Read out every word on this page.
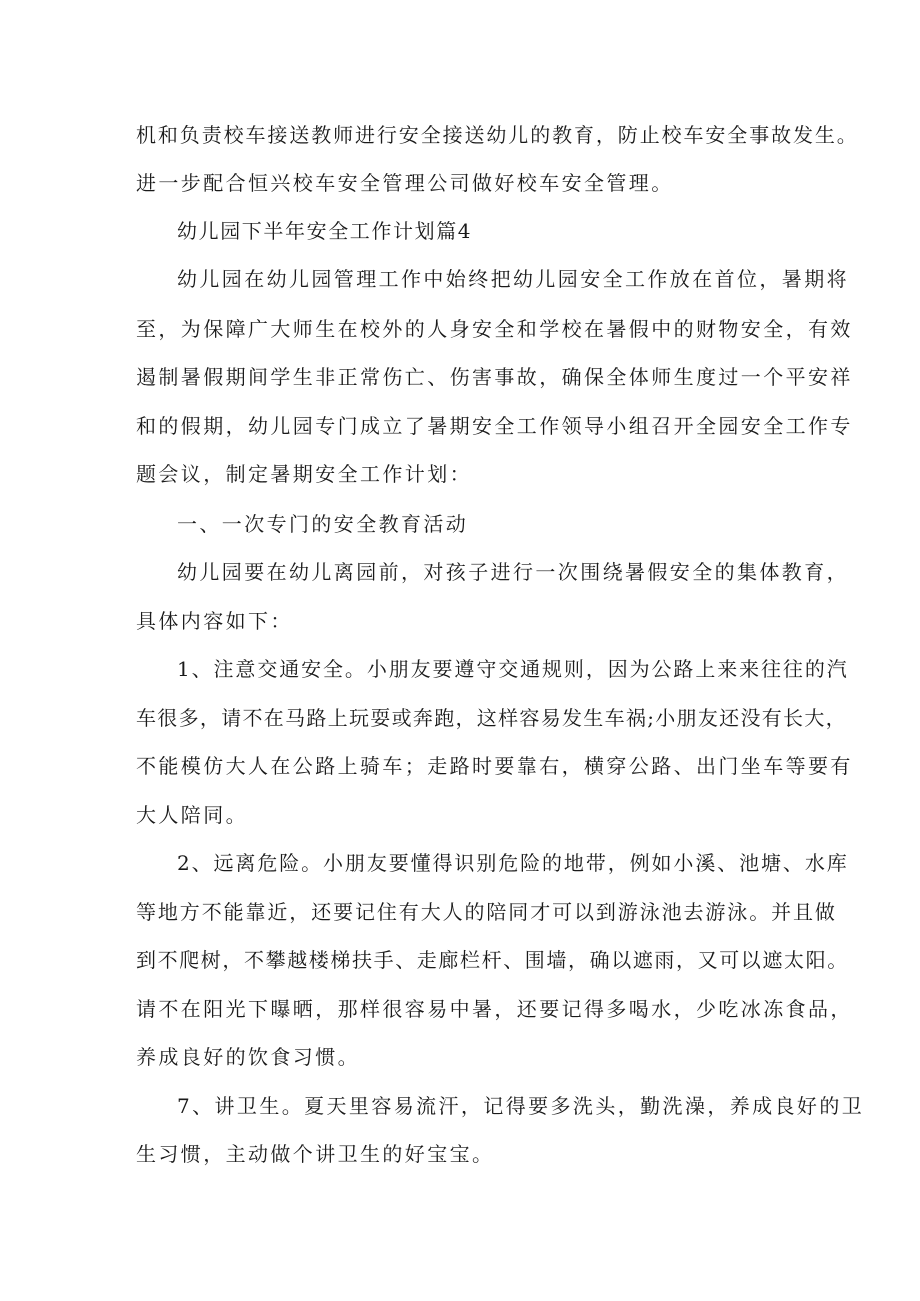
机和负责校车接送教师进行安全接送幼儿的教育，防止校车安全事故发生。

进一步配合恒兴校车安全管理公司做好校车安全管理。

幼儿园下半年安全工作计划篇4

幼儿园在幼儿园管理工作中始终把幼儿园安全工作放在首位，暑期将

至，为保障广大师生在校外的人身安全和学校在暑假中的财物安全，有效

遏制暑假期间学生非正常伤亡、伤害事故，确保全体师生度过一个平安祥

和的假期，幼儿园专门成立了暑期安全工作领导小组召开全园安全工作专

题会议，制定暑期安全工作计划：

一、一次专门的安全教育活动

幼儿园要在幼儿离园前，对孩子进行一次围绕暑假安全的集体教育，

具体内容如下：

1、注意交通安全。小朋友要遵守交通规则，因为公路上来来往往的汽

车很多，请不在马路上玩耍或奔跑，这样容易发生车祸;小朋友还没有长大，

不能模仿大人在公路上骑车；走路时要靠右，横穿公路、出门坐车等要有

大人陪同。

2、远离危险。小朋友要懂得识别危险的地带，例如小溪、池塘、水库

等地方不能靠近，还要记住有大人的陪同才可以到游泳池去游泳。并且做

到不爬树，不攀越楼梯扶手、走廊栏杆、围墙，确以遮雨，又可以遮太阳。

请不在阳光下曝晒，那样很容易中暑，还要记得多喝水，少吃冰冻食品，

养成良好的饮食习惯。

7、讲卫生。夏天里容易流汗，记得要多洗头，勤洗澡，养成良好的卫

生习惯，主动做个讲卫生的好宝宝。
